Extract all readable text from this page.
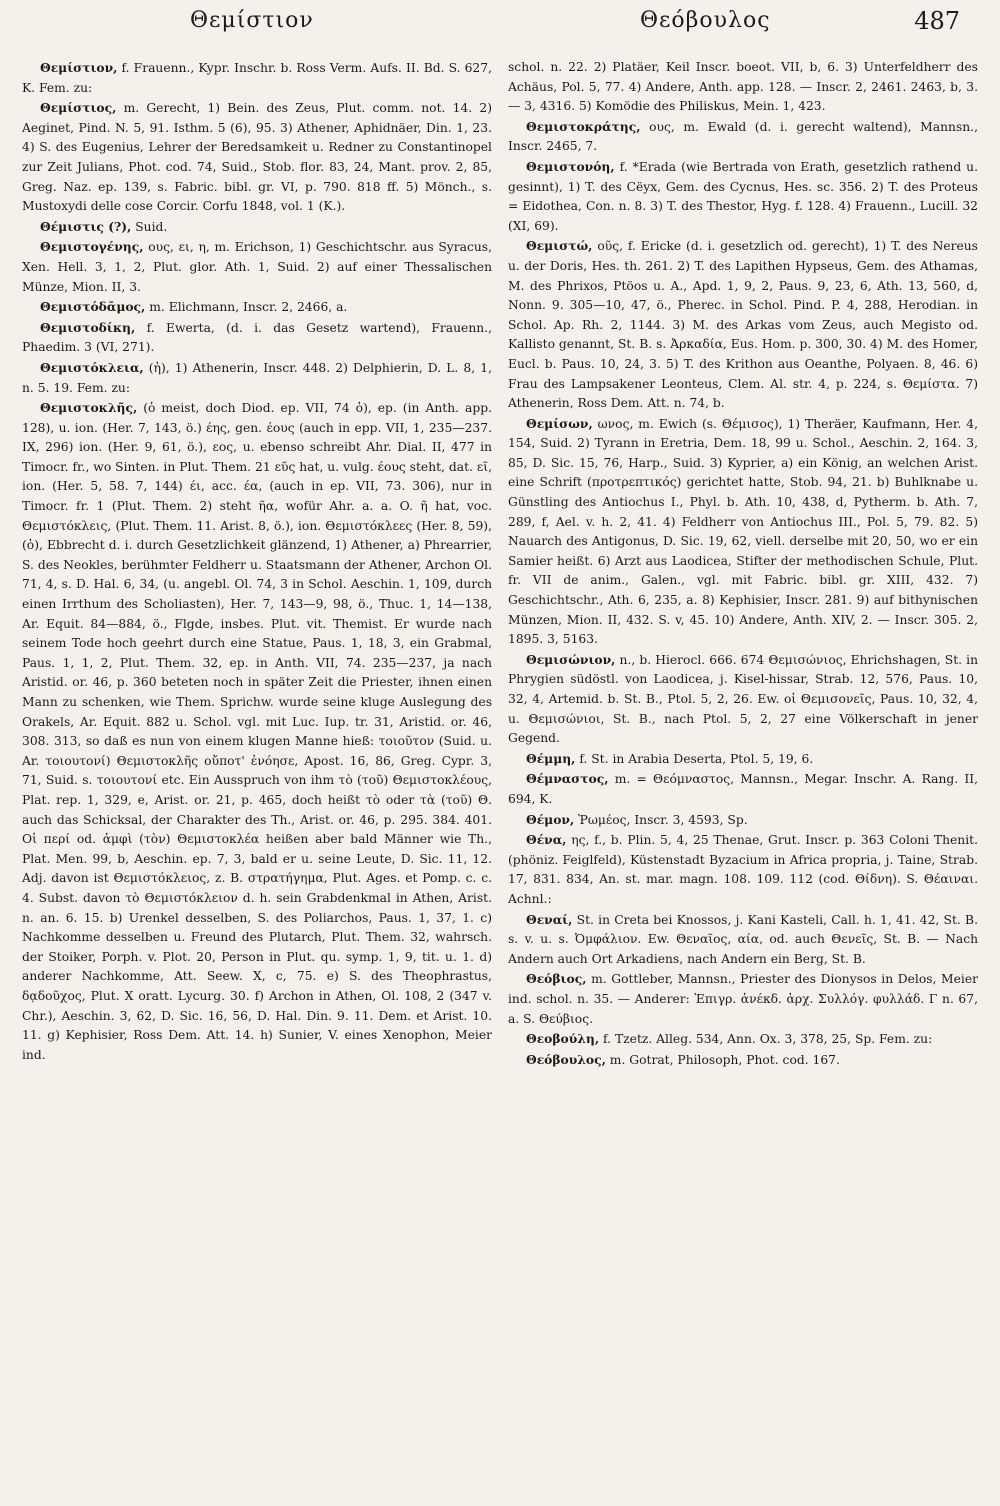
Θεμίστιον	Θεόβουλος	487

Θεμίστιον, f. Frauenn., Kypr. Inschr. b. Ross Verm. Aufs. II. Bd. S. 627, K. Fem. zu:

Θεμίστιος, m. Gerecht, 1) Bein. des Zeus, Plut. comm. not. 14. 2) Aeginet, Pind. N. 5, 91. Isthm. 5 (6), 95. 3) Athener, Aphidnäer, Din. 1, 23. 4) S. des Eugenius, Lehrer der Beredsamkeit u. Redner zu Constantinopel zur Zeit Julians, Phot. cod. 74, Suid., Stob. flor. 83, 24, Mant. prov. 2, 85, Greg. Naz. ep. 139, s. Fabric. bibl. gr. VI, p. 790. 818 ff. 5) Mönch., s. Mustoxydi delle cose Corcir. Corfu 1848, vol. 1 (K.).

Θέμιστις (?), Suid.

Θεμιστογένης, ους, ει, η, m. Erichson, 1) Geschichtschr. aus Syracus, Xen. Hell. 3, 1, 2, Plut. glor. Ath. 1, Suid. 2) auf einer Thessalischen Münze, Mion. II, 3.

Θεμιστόδᾱμος, m. Elichmann, Inscr. 2, 2466, a.

Θεμιστοδίκη, f. Ewerta, (d. i. das Gesetz wartend), Frauenn., Phaedim. 3 (VI, 271).

Θεμιστόκλεια, (ἡ), 1) Athenerin, Inscr. 448. 2) Delphierin, D. L. 8, 1, n. 5. 19. Fem. zu:

Θεμιστοκλῆς, (ὁ meist, doch Diod. ep. VII, 74 ὁ), ep. (in Anth. app. 128), u. ion. (Her. 7, 143, ö.) έης, gen. έους (auch in epp. VII, 1, 235—237. IX, 296) ion. (Her. 9, 61, ö.), εος, u. ebenso schreibt Ahr. Dial. II, 477 in Timocr. fr., wo Sinten. in Plut. Them. 21 εῦς hat, u. vulg. έους steht, dat. εῖ, ion. (Her. 5, 58. 7, 144) έι, acc. έα, (auch in ep. VII, 73. 306), nur in Timocr. fr. 1 (Plut. Them. 2) steht ῆα, wofür Ahr. a. a. O. ῆ hat, voc. Θεμιστόκλεις, (Plut. Them. 11. Arist. 8, ö.), ion. Θεμιστόκλεες (Her. 8, 59), (ὁ), Ebbrecht d. i. durch Gesetzlichkeit glänzend, 1) Athener, a) Phrearrier, S. des Neokles, berühmter Feldherr u. Staatsmann der Athener, Archon Ol. 71, 4, s. D. Hal. 6, 34, (u. angebl. Ol. 74, 3 in Schol. Aeschin. 1, 109, durch einen Irrthum des Scholiasten), Her. 7, 143—9, 98, ö., Thuc. 1, 14—138, Ar. Equit. 84—884, ö., Flgde, insbes. Plut. vit. Themist. Er wurde nach seinem Tode hoch geehrt durch eine Statue, Paus. 1, 18, 3, ein Grabmal, Paus. 1, 1, 2, Plut. Them. 32, ep. in Anth. VII, 74. 235—237, ja nach Aristid. or. 46, p. 360 beteten noch in später Zeit die Priester, ihnen einen Mann zu schenken, wie Them. Sprichw. wurde seine kluge Auslegung des Orakels, Ar. Equit. 882 u. Schol. vgl. mit Luc. Iup. tr. 31, Aristid. or. 46, 308. 313, so daß es nun von einem klugen Manne hieß: τοιοῦτον (Suid. u. Ar. τοιουτονί) Θεμιστοκλῆς οὔποτ' ἐνόησε, Apost. 16, 86, Greg. Cypr. 3, 71, Suid. s. τοιουτονί etc. Ein Ausspruch von ihm τὸ (τοῦ) Θεμιστοκλέους, Plat. rep. 1, 329, e, Arist. or. 21, p. 465, doch heißt τὸ oder τὰ (τοῦ) Θ. auch das Schicksal, der Charakter des Th., Arist. or. 46, p. 295. 384. 401. Οἱ περί od. ἀμφὶ (τὸν) Θεμιστοκλέα heißen aber bald Männer wie Th., Plat. Men. 99, b, Aeschin. ep. 7, 3, bald er u. seine Leute, D. Sic. 11, 12. Adj. davon ist Θεμιστόκλειος, z. B. στρατήγημα, Plut. Ages. et Pomp. c. c. 4. Subst. davon τὸ Θεμιστόκλειον d. h. sein Grabdenkmal in Athen, Arist. n. an. 6. 15. b) Urenkel desselben, S. des Poliarchos, Paus. 1, 37, 1. c) Nachkomme desselben u. Freund des Plutarch, Plut. Them. 32, wahrsch. der Stoiker, Porph. v. Plot. 20, Person in Plut. qu. symp. 1, 9, tit. u. 1. d) anderer Nachkomme, Att. Seew. X, c, 75. e) S. des Theophrastus, δᾳδοῦχος, Plut. X oratt. Lycurg. 30. f) Archon in Athen, Ol. 108, 2 (347 v. Chr.), Aeschin. 3, 62, D. Sic. 16, 56, D. Hal. Din. 9. 11. Dem. et Arist. 10. 11. g) Kephisier, Ross Dem. Att. 14. h) Sunier, V. eines Xenophon, Meier ind.

schol. n. 22. 2) Platäer, Keil Inscr. boeot. VII, b, 6. 3) Unterfeldherr des Achäus, Pol. 5, 77. 4) Andere, Anth. app. 128. — Inscr. 2, 2461. 2463, b, 3. — 3, 4316. 5) Komödie des Philiskus, Mein. 1, 423.

Θεμιστοκράτης, ους, m. Ewald (d. i. gerecht waltend), Mannsn., Inscr. 2465, 7.

Θεμιστονόη, f. *Erada (wie Bertrada von Erath, gesetzlich rathend u. gesinnt), 1) T. des Cëyx, Gem. des Cycnus, Hes. sc. 356. 2) T. des Proteus = Eidothea, Con. n. 8. 3) T. des Thestor, Hyg. f. 128. 4) Frauenn., Lucill. 32 (XI, 69).

Θεμιστώ, οῦς, f. Ericke (d. i. gesetzlich od. gerecht), 1) T. des Nereus u. der Doris, Hes. th. 261. 2) T. des Lapithen Hypseus, Gem. des Athamas, M. des Phrixos, Ptöos u. A., Apd. 1, 9, 2, Paus. 9, 23, 6, Ath. 13, 560, d, Nonn. 9. 305—10, 47, ö., Pherec. in Schol. Pind. P. 4, 288, Herodian. in Schol. Ap. Rh. 2, 1144. 3) M. des Arkas vom Zeus, auch Megisto od. Kallisto genannt, St. B. s. Ἀρκαδία, Eus. Hom. p. 300, 30. 4) M. des Homer, Eucl. b. Paus. 10, 24, 3. 5) T. des Krithon aus Oeanthe, Polyaen. 8, 46. 6) Frau des Lampsakener Leonteus, Clem. Al. str. 4, p. 224, s. Θεμίστα. 7) Athenerin, Ross Dem. Att. n. 74, b.

Θεμίσων, ωνος, m. Ewich (s. Θέμισος), 1) Theräer, Kaufmann, Her. 4, 154, Suid. 2) Tyrann in Eretria, Dem. 18, 99 u. Schol., Aeschin. 2, 164. 3, 85, D. Sic. 15, 76, Harp., Suid. 3) Kyprier, a) ein König, an welchen Arist. eine Schrift (προτρεπτικός) gerichtet hatte, Stob. 94, 21. b) Buhlknabe u. Günstling des Antiochus I., Phyl. b. Ath. 10, 438, d, Pytherm. b. Ath. 7, 289, f, Ael. v. h. 2, 41. 4) Feldherr von Antiochus III., Pol. 5, 79. 82. 5) Nauarch des Antigonus, D. Sic. 19, 62, viell. derselbe mit 20, 50, wo er ein Samier heißt. 6) Arzt aus Laodicea, Stifter der methodischen Schule, Plut. fr. VII de anim., Galen., vgl. mit Fabric. bibl. gr. XIII, 432. 7) Geschichtschr., Ath. 6, 235, a. 8) Kephisier, Inscr. 281. 9) auf bithynischen Münzen, Mion. II, 432. S. v, 45. 10) Andere, Anth. XIV, 2. — Inscr. 305. 2, 1895. 3, 5163.

Θεμισώνιον, n., b. Hierocl. 666. 674 Θεμισώνιος, Ehrichshagen, St. in Phrygien südöstl. von Laodicea, j. Kisel-hissar, Strab. 12, 576, Paus. 10, 32, 4, Artemid. b. St. B., Ptol. 5, 2, 26. Ew. οἱ Θεμισονεῖς, Paus. 10, 32, 4, u. Θεμισώνιοι, St. B., nach Ptol. 5, 2, 27 eine Völkerschaft in jener Gegend.

Θέμμη, f. St. in Arabia Deserta, Ptol. 5, 19, 6.

Θέμναστος, m. = Θεόμναστος, Mannsn., Megar. Inschr. A. Rang. II, 694, K.

Θέμον, Ῥωμέος, Inscr. 3, 4593, Sp.

Θένα, ης, f., b. Plin. 5, 4, 25 Thenae, Grut. Inscr. p. 363 Coloni Thenit. (phöniz. Feiglfeld), Küstenstadt Byzacium in Africa propria, j. Taine, Strab. 17, 831. 834, An. st. mar. magn. 108. 109. 112 (cod. Θίδνη). S. Θέαιναι. Achnl.:

Θεναί, St. in Creta bei Knossos, j. Kani Kasteli, Call. h. 1, 41. 42, St. B. s. v. u. s. Ὀμφάλιον. Ew. Θεναῖος, αία, od. auch Θενεῖς, St. B. — Nach Andern auch Ort Arkadiens, nach Andern ein Berg, St. B.

Θεόβιος, m. Gottleber, Mannsn., Priester des Dionysos in Delos, Meier ind. schol. n. 35. — Anderer: Ἐπιγρ. ἀνέκδ. ἀρχ. Συλλόγ. φυλλάδ. Γ n. 67, a. S. Θεύβιος.

Θεοβούλη, f. Tzetz. Alleg. 534, Ann. Ox. 3, 378, 25, Sp. Fem. zu:

Θεόβουλος, m. Gotrat, Philosoph, Phot. cod. 167.
